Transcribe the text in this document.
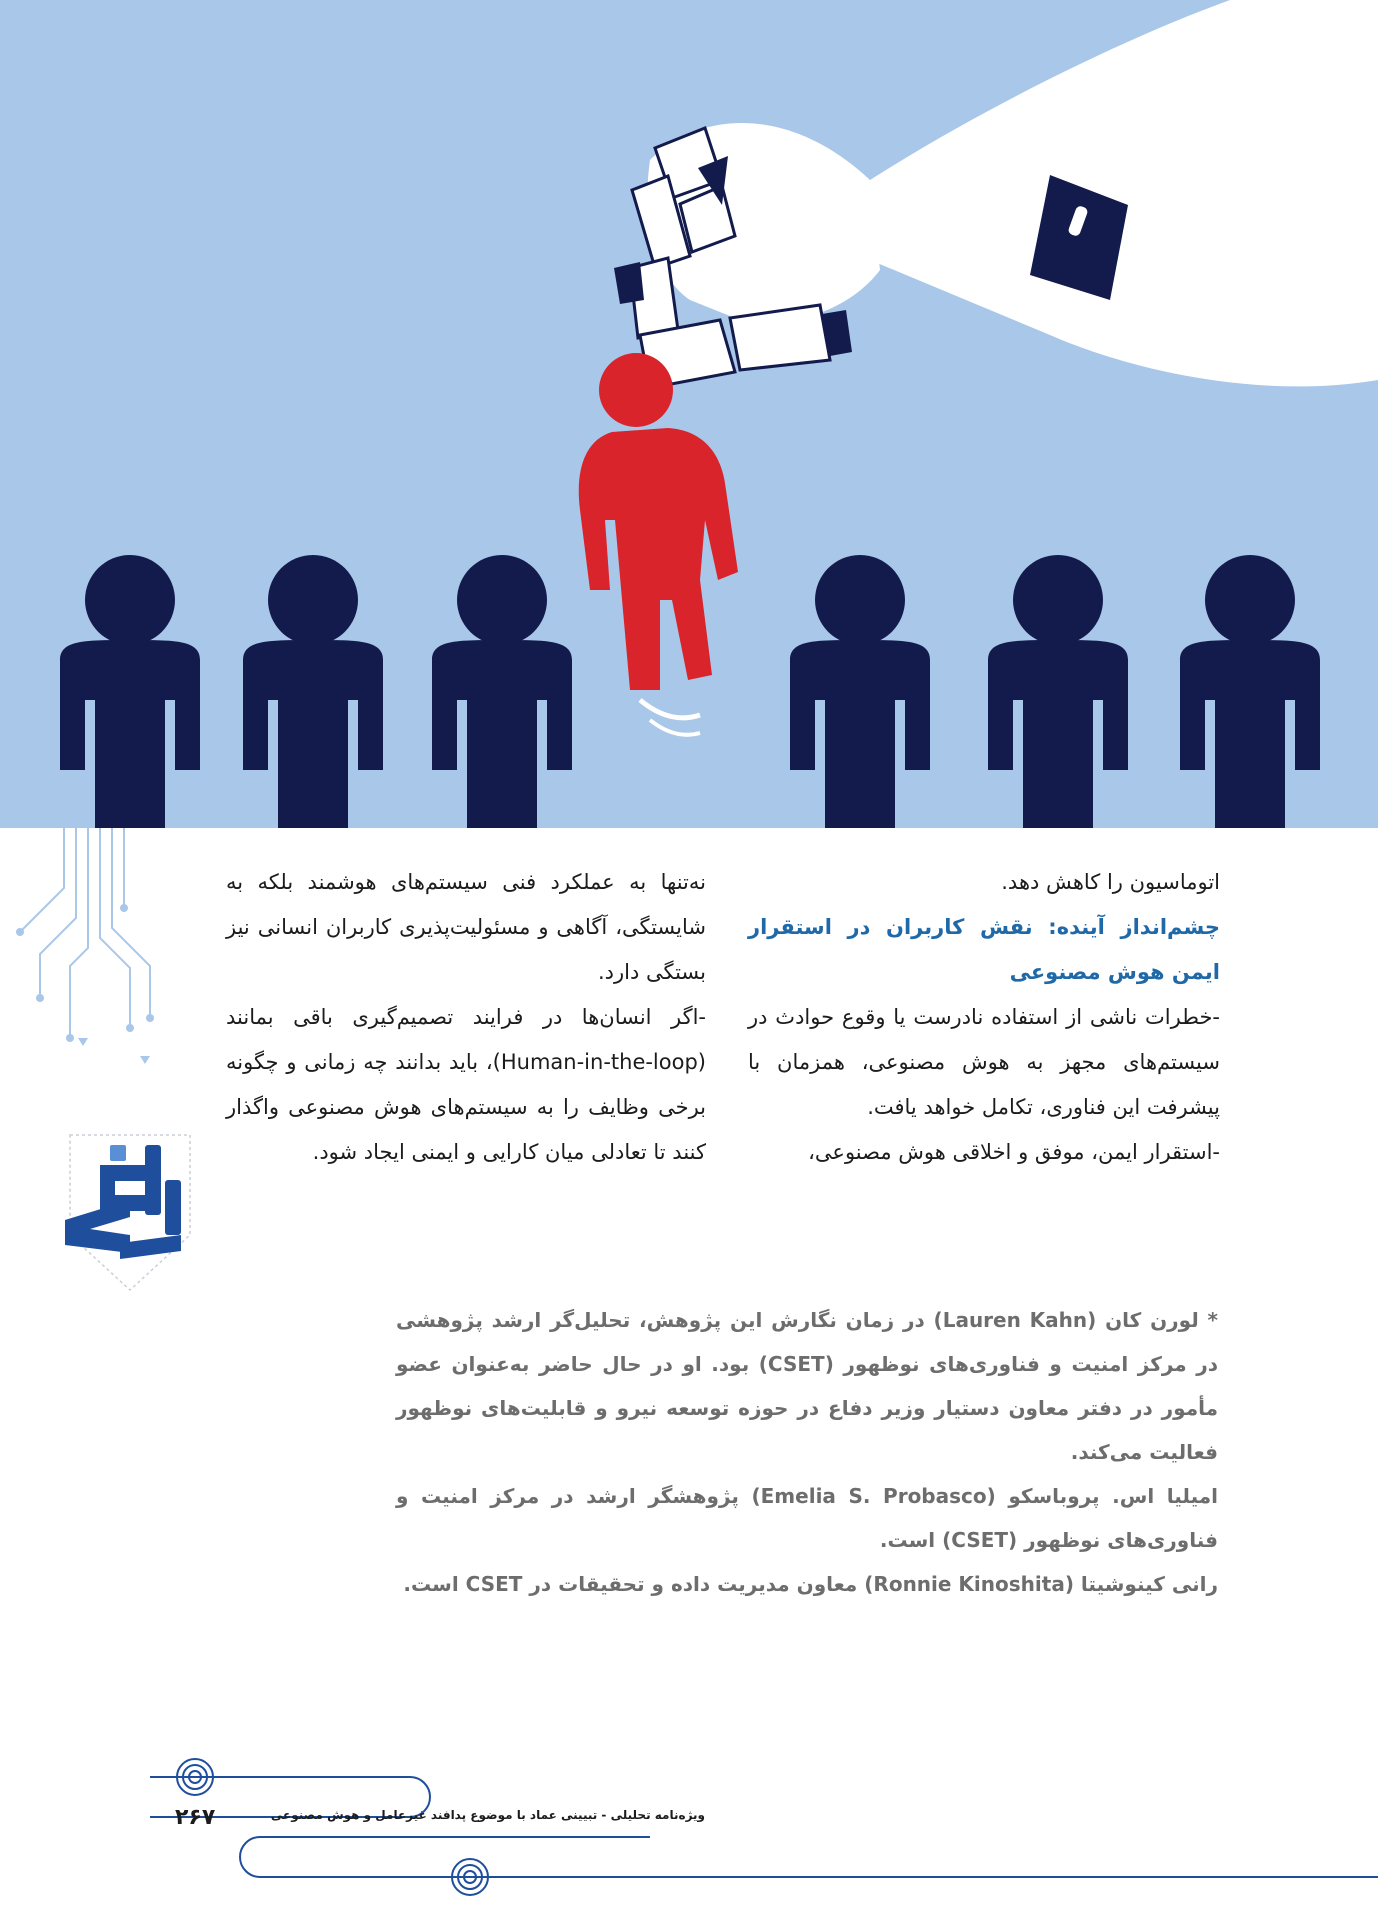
اتوماسیون را کاهش دهد.

چشم‌انداز آینده: نقش کاربران در استقرار ایمن هوش مصنوعی

-خطرات ناشی از استفاده نادرست یا وقوع حوادث در سیستم‌های مجهز به هوش مصنوعی، همزمان با پیشرفت این فناوری، تکامل خواهد یافت.

-استقرار ایمن، موفق و اخلاقی هوش مصنوعی،

نه‌تنها به عملکرد فنی سیستم‌های هوشمند بلکه به شایستگی، آگاهی و مسئولیت‌پذیری کاربران انسانی نیز بستگی دارد.

-اگر انسان‌ها در فرایند تصمیم‌گیری باقی بمانند (Human-in-the-loop)، باید بدانند چه زمانی و چگونه برخی وظایف را به سیستم‌های هوش مصنوعی واگذار کنند تا تعادلی میان کارایی و ایمنی ایجاد شود.

* لورن کان (Lauren Kahn) در زمان نگارش این پژوهش، تحلیل‌گر ارشد پژوهشی در مرکز امنیت و فناوری‌های نوظهور (CSET) بود. او در حال حاضر به‌عنوان عضو مأمور در دفتر معاون دستیار وزیر دفاع در حوزه توسعه نیرو و قابلیت‌های نوظهور فعالیت می‌کند.

امیلیا اس. پروباسکو (Emelia S. Probasco) پژوهشگر ارشد در مرکز امنیت و فناوری‌های نوظهور (CSET) است.

رانی کینوشیتا (Ronnie Kinoshita) معاون مدیریت داده و تحقیقات در CSET است.

۲۶۷	ویژه‌نامه تحلیلی - تبیینی عماد با موضوع پدافند غیرعامل و هوش مصنوعی
